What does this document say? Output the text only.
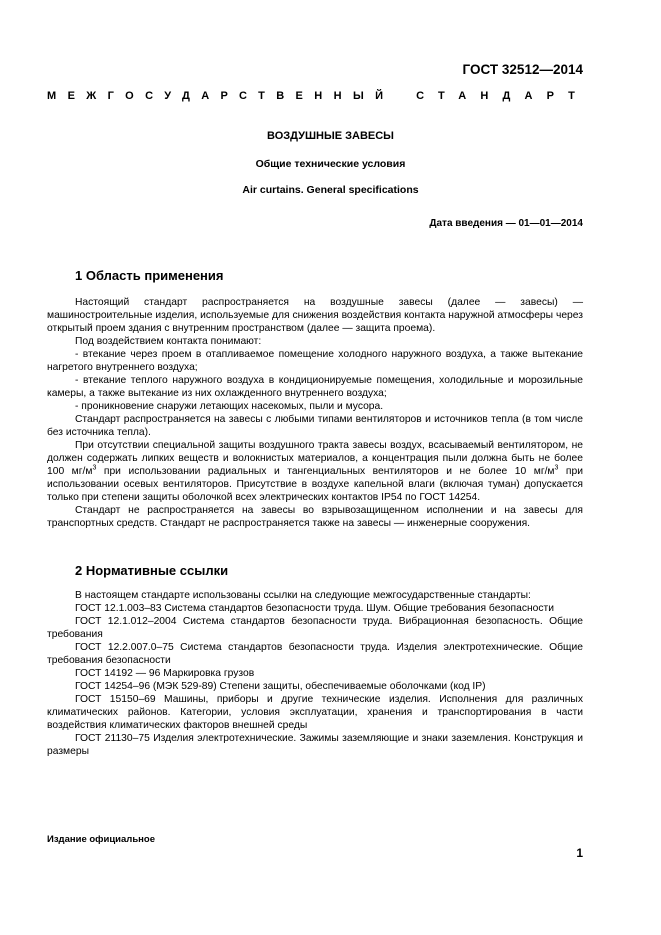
ГОСТ 32512—2014
МЕЖГОСУДАРСТВЕННЫЙ СТАНДАРТ
ВОЗДУШНЫЕ ЗАВЕСЫ
Общие технические условия
Air curtains. General specifications
Дата введения — 01—01—2014
1 Область применения

Настоящий стандарт распространяется на воздушные завесы (далее — завесы) — машиностроительные изделия, используемые для снижения воздействия контакта наружной атмосферы через открытый проем здания с внутренним пространством (далее — защита проема).

Под воздействием контакта понимают:

- втекание через проем в отапливаемое помещение холодного наружного воздуха, а также вытекание нагретого внутреннего воздуха;

- втекание теплого наружного воздуха в кондиционируемые помещения, холодильные и морозильные камеры, а также вытекание из них охлажденного внутреннего воздуха;

- проникновение снаружи летающих насекомых, пыли и мусора.

Стандарт распространяется на завесы с любыми типами вентиляторов и источников тепла (в том числе без источника тепла).

При отсутствии специальной защиты воздушного тракта завесы воздух, всасываемый вентилятором, не должен содержать липких веществ и волокнистых материалов, а концентрация пыли должна быть не более 100 $мг/м^3$ при использовании радиальных и тангенциальных вентиляторов и не более 10 $мг/м^3$ при использовании осевых вентиляторов. Присутствие в воздухе капельной влаги (включая туман) допускается только при степени защиты оболочкой всех электрических контактов IP54 по ГОСТ 14254.

Стандарт не распространяется на завесы во взрывозащищенном исполнении и на завесы для транспортных средств. Стандарт не распространяется также на завесы — инженерные сооружения.

2 Нормативные ссылки

В настоящем стандарте использованы ссылки на следующие межгосударственные стандарты:

ГОСТ 12.1.003–83 Система стандартов безопасности труда. Шум. Общие требования безопасности

ГОСТ 12.1.012–2004 Система стандартов безопасности труда. Вибрационная безопасность. Общие требования

ГОСТ 12.2.007.0–75 Система стандартов безопасности труда. Изделия электротехнические. Общие требования безопасности

ГОСТ 14192 — 96 Маркировка грузов

ГОСТ 14254–96 (МЭК 529-89) Степени защиты, обеспечиваемые оболочками (код IP)

ГОСТ 15150–69 Машины, приборы и другие технические изделия. Исполнения для различных климатических районов. Категории, условия эксплуатации, хранения и транспортирования в части воздействия климатических факторов внешней среды

ГОСТ 21130–75 Изделия электротехнические. Зажимы заземляющие и знаки заземления. Конструкция и размеры

Издание официальное
1
